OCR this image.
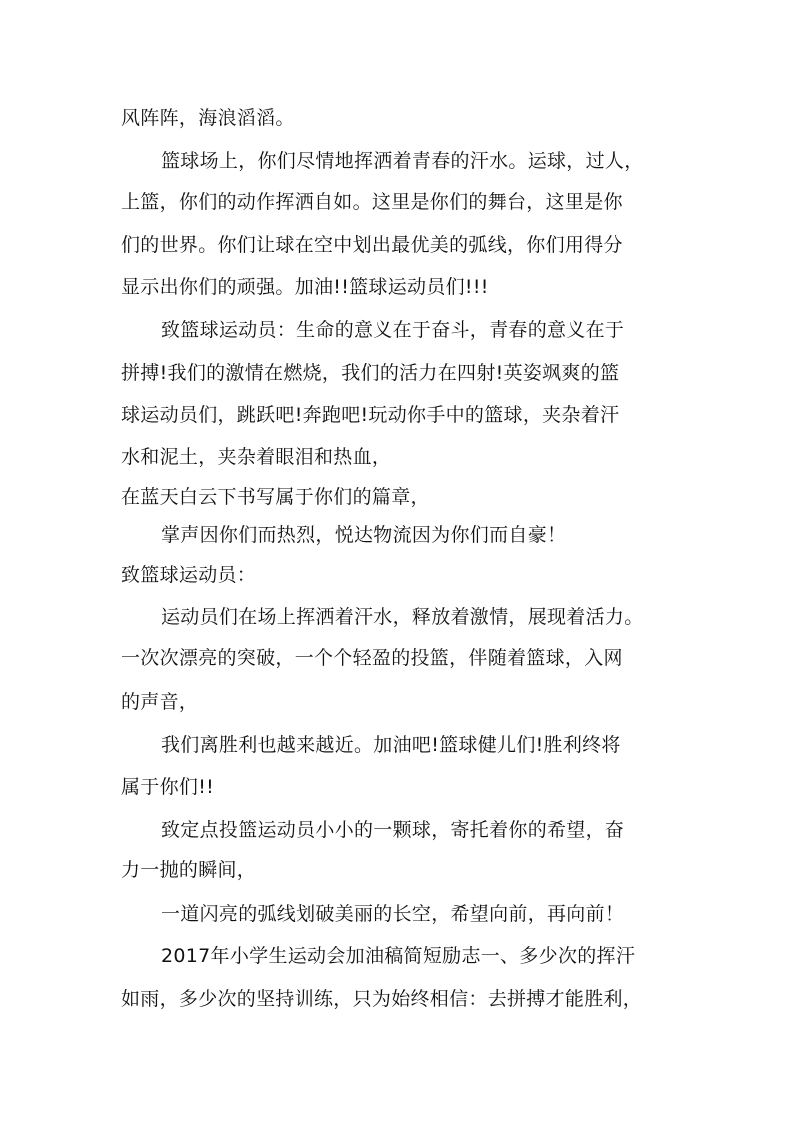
风阵阵，海浪滔滔。
篮球场上，你们尽情地挥洒着青春的汗水。运球，过人，
上篮，你们的动作挥洒自如。这里是你们的舞台，这里是你
们的世界。你们让球在空中划出最优美的弧线，你们用得分
显示出你们的顽强。加油!!篮球运动员们!!!
致篮球运动员：生命的意义在于奋斗，青春的意义在于
拼搏!我们的激情在燃烧，我们的活力在四射!英姿飒爽的篮
球运动员们，跳跃吧!奔跑吧!玩动你手中的篮球，夹杂着汗
水和泥土，夹杂着眼泪和热血，
在蓝天白云下书写属于你们的篇章，
掌声因你们而热烈，悦达物流因为你们而自豪！
致篮球运动员：
运动员们在场上挥洒着汗水，释放着激情，展现着活力。
一次次漂亮的突破，一个个轻盈的投篮，伴随着篮球，入网
的声音，
我们离胜利也越来越近。加油吧!篮球健儿们!胜利终将
属于你们!!
致定点投篮运动员小小的一颗球，寄托着你的希望，奋
力一抛的瞬间，
一道闪亮的弧线划破美丽的长空，希望向前，再向前！
2017年小学生运动会加油稿简短励志一、多少次的挥汗
如雨，多少次的坚持训练，只为始终相信：去拼搏才能胜利，
